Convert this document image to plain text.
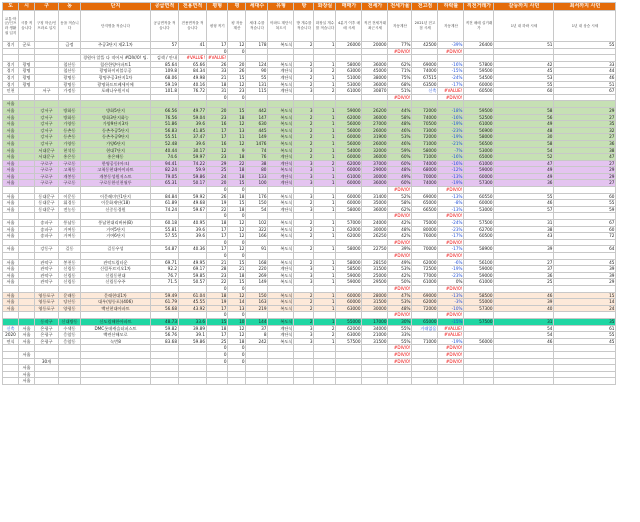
도	시	구	동	단지	공급면적	전용면적	평형	평	세대수	유형	방	화장실	매매가	전세가	전세가율	전고점	하락률	직전거래가	갈등까지 사던	최서까지 사던
교통·학군/인프라 생활권 입지	시를 적습니다	구청 학군/인프라로 입지	동을 적습니다	단지명을 적습니다	공급면적을 적습니다	전용면적을 적습니다	평형 적기	평 자동계산	세대 수를 적습니다	아파트 계단식 복도식	방 개수를 적습니다	화장실 개수를 적습니다	4분기 이후 매매 시세	직전 전세거래 최근시세	자동계산	2021년 전고점 시세	자동계산	직전 매매 실거래가	1년 내 하락 시세	1년 내 상승 시세
경기	군포		금정	주공3단지 제2.1차	57	41	17	12	178	복도식	2	1	26000	20000	77%	42500	-39%	26400	51	55
							0	0							#DIV/0!		#DIV/0!			
				경원아 알뜰 다 적어서 #DIV/0! 팁.	검색 / 안내	#VALUE!	#VALUE!													
경기	광명		철산동	철산한양아파트1	85.64	65.66	26	20	124	복도식	2	1	58000	36000	62%	69000	-16%	57800	42	33
경기	광명		철산동	광명하이비블루공	109.8	84.34	33	26	90	계단식	3	2	63000	45000	71%	74000	-15%	59500	45	44
경기	광명		광명동	광명주공3단지1차	68.06	49.98	21	15	55	계단식	2	1	51000	38000	75%	67515	-24%	54500	53	46
경기	광명		광명동	광명하프트베세이에	59.19	40.16	18	12	131	복도식	2	1	53000	36000	68%	63500	-17%	60000	55	51
인천		서구	가정동	포레나우원시티	101.8	76.72	31	23	115	계단식	3	2	61000	30870	51%	신축	#VALUE!	60500	60	67
							0	0							#DIV/0!		#DIV/0!			
서울																				
서울		강서구	방화동	방화5단지	66.56	49.77	20	15	442	복도식	3	1	59000	26200	44%	72000	-18%	59500	58	29
서울		강서구	방화동	방화3단지화능	76.56	59.04	23	18	147	복도식	2	1	62000	36000	58%	74000	-16%	52500	56	27
서울		강서구	가양동	가양9단지3차	51.86	39.6	16	12	630	복도식	2	1	56000	27000	48%	70500	-19%	61000	49	35
서울		강서구	등촌동	등촌주공5단지	56.83	41.85	17	13	445	복도식	2	1	56000	26000	46%	73000	-23%	56900	48	32
서울		강서구	등촌동	등촌주공9단지	55.51	37.47	17	11	149	복도식	2	1	60000	31900	53%	72000	-19%	58000	30	27
서울		강서구	가양동	가양6단지	52.48	39.6	16	12	1476	복도식	2	1	56000	26000	46%	71000	-21%	56500	58	36
서울		서대문구	현석동	현대7단지	40.44	30.17	12	9	74	복도식	2	1	54000	32000	59%	58000	-7%	53000	54	38
서울		서대문구	홍은동	홍은해동	74.6	59.97	23	18	76	계단식	2	1	60000	36000	60%	71000	-16%	65000	52	47
서울		구로구	구로동	한영공동(아크)	94.41	74.22	29	22	38	계단식	3	2	62000	37000	60%	74000	-16%	61000	47	27
서울		구로구	고척동	고척동현대아이파트	82.24	59.9	25	18	80	복도식	3	1	60000	29000	48%	68000	-12%	59000	49	29
서울		구로구	개봉동	개봉동성원저스트	79.05	59.86	24	18	133	계단식	3	1	61000	30000	49%	70000	-13%	60000	49	29
서울		구로구	구로동	구로동한신천월투	65.31	50.17	20	15	100	계단식	3	1	60000	36000	60%	74000	-19%	57300	36	27
							0	0							#DIV/0!		#DIV/0!			
서울		동대문구	이문동	이문레미안1단지	84.84	59.92	26	18	176	복도식	3	1	60000	31400	52%	69000	-13%	60550	55	60
서울		동대문구	휘경동	이문화재단(18)	61.89	49.68	19	15	150	복도식	2	1	60000	35000	58%	65000	-8%	60000	46	55
서울		동대문구	전농동	신중동경원	74.24	59.67	22	18	54	계단식	3	1	58000	36000	62%	66500	-13%	53000	57	59
							0	0							#DIV/0!		#DIV/0!			
서울		송파구	풍납동	풍납현대리버뷰(B)	60.18	40.95	18	12	102	복도식	2	1	57000	24000	42%	75000	-24%	57500	31	67
서울		송파구	거여동	거여5단지	55.81	39.6	17	12	322	복도식	2	1	62000	30000	48%	80000	-23%	62700	38	60
서울		송파구	거여동	거여6단지	57.55	39.6	17	12	166	복도식	2	1	62000	26250	42%	76000	-17%	60500	43	72
							0	0							#DIV/0!		#DIV/0!			
서울		강동구	길동	길동우성	54.87	40.36	17	12	91	복도식	2	1	58000	22750	39%	70000	-17%	58900	39	64
							0	0							#DIV/0!		#DIV/0!			
서울		관악구	봉천동	관악드림타운	69.71	49.95	21	15	168	복도식	2	1	58000	28150	49%	62000	-6%	56100	27	45
서울		관악구	신림동	신림푸르지오1차	92.2	69.17	28	21	220	계단식	3	1	58500	31500	53%	72500	-19%	59000	37	39
서울		관악구	신림동	신림동현대	76.7	59.85	23	18	269	복도식	3	1	59000	25000	42%	77000	-23%	59000	36	39
서울		관악구	신림동	신림동우주	71.5	50.57	22	15	149	복도식	3	1	59000	29500	50%	61000	0%	61000	25	29
							0	0							#DIV/0!		#DIV/0!			
서울		영등포구	문래동	문래현대1차	59.49	61.04	18	12	150	복도식	2	1	60000	28000	47%	69000	-13%	58500	46	15
서울		영등포구	당산동	대우(영등포)(406)	61.79	45.55	19	14	163	복도식	2	1	60000	31500	53%	62000	-3%	55000	39	14
서울		영등포구	양평동	백년현대아파트	56.68	43.92	17	13	219	복도식	2	1	63000	30000	48%	72000	-10%	57300	40	24
							0	0							#DIV/0!		#DIV/0!			
		동작구	신대방동	신도림해한아파트	48.73	33.6	15	10	144	복도식	2	1	55000	17000	30%	65000	-15%	57500	31	35
신축	서울	은평구	수색동	DMC롯데캐슬더퍼스트	59.82	39.89	18	12	37	계단식	3	2	62000	34000	55%	거래없음	#VALUE!		54	61
2020	서울	은평구	응암동	백련산해모로	56.76	39.1	17	12	8	계단식	3	2	63000	21000	33%		#VALUE!		54	55
연식	서울	은평구	응암동	녹번8	83.68	59.86	25	18	242	복도식	3	1	57500	31500	55%	71000	-19%	56000	46	45
							0	0							#DIV/0!		#DIV/0!			
	서울						0	0							#DIV/0!		#DIV/0!			
		30개					0	0							#DIV/0!		#DIV/0!			
	서울																			
	서울																			
	서울																			
